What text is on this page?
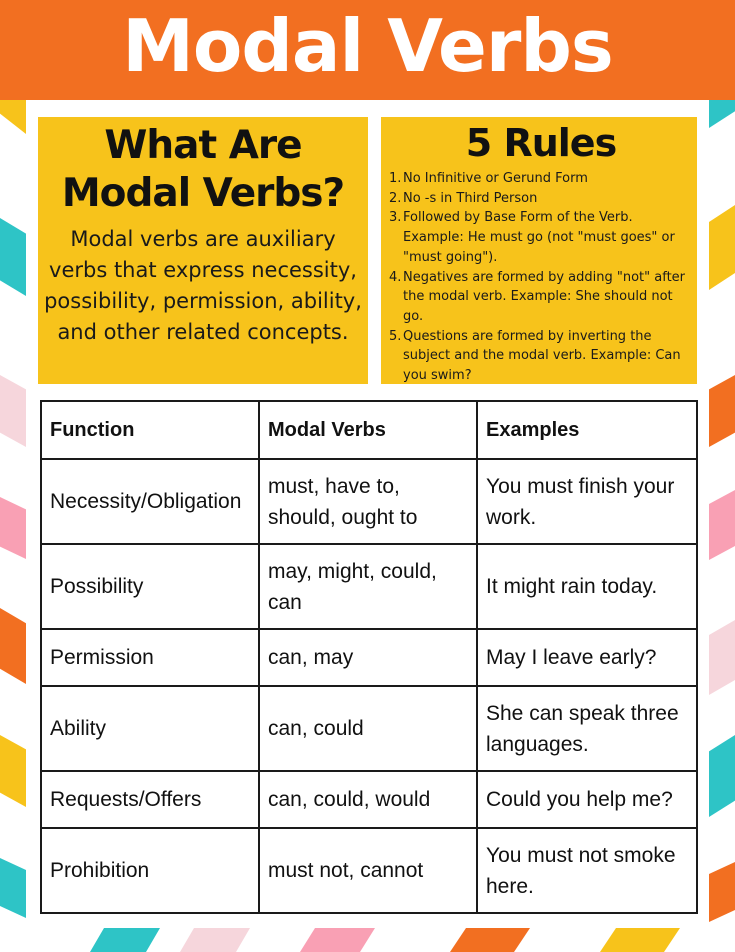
Modal Verbs
What Are Modal Verbs?
Modal verbs are auxiliary verbs that express necessity, possibility, permission, ability, and other related concepts.
5 Rules
1. No Infinitive or Gerund Form
2. No -s in Third Person
3. Followed by Base Form of the Verb. Example: He must go (not "must goes" or "must going").
4. Negatives are formed by adding "not" after the modal verb. Example: She should not go.
5. Questions are formed by inverting the subject and the modal verb. Example: Can you swim?
Function	Modal Verbs	Examples
Necessity/Obligation	must, have to, should, ought to	You must finish your work.
Possibility	may, might, could, can	It might rain today.
Permission	can, may	May I leave early?
Ability	can, could	She can speak three languages.
Requests/Offers	can, could, would	Could you help me?
Prohibition	must not, cannot	You must not smoke here.
